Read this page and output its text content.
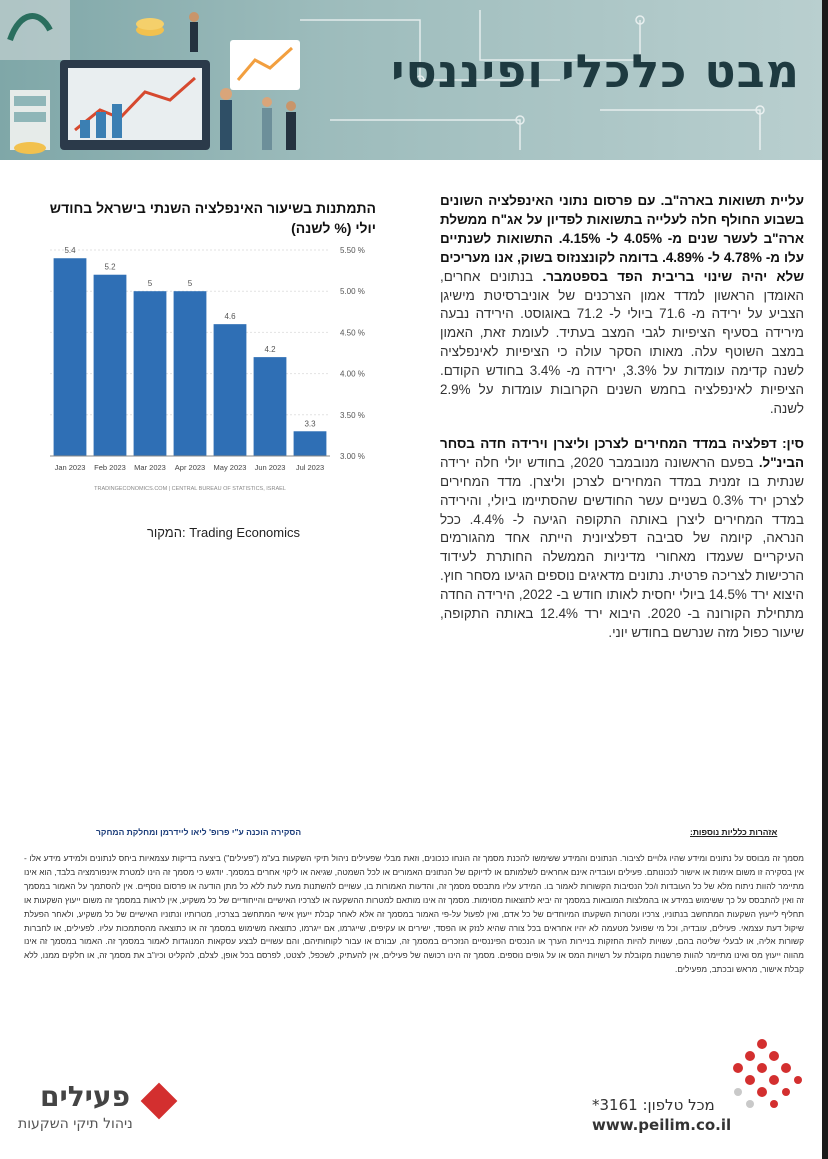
מבט כלכלי ופיננסי

עליית תשואות בארה"ב. עם פרסום נתוני האינפלציה השונים בשבוע החולף חלה לעלייה בתשואות לפדיון על אג"ח ממשלת ארה"ב לעשר שנים מ- 4.05% ל- 4.15%. התשואות לשנתיים עלו מ- 4.78% ל- 4.89%. בדומה לקונצנזוס בשוק, אנו מעריכים שלא יהיה שינוי בריבית הפד בספטמבר. בנתונים אחרים, האומדן הראשון למדד אמון הצרכנים של אוניברסיטת מישיגן הצביע על ירידה מ- 71.6 ביולי ל- 71.2 באוגוסט. הירידה נבעה מירידה בסעיף הציפיות לגבי המצב בעתיד. לעומת זאת, האמון במצב השוטף עלה. מאותו הסקר עולה כי הציפיות לאינפלציה לשנה קדימה עומדות על 3.3%, ירידה מ- 3.4% בחודש הקודם. הציפיות לאינפלציה בחמש השנים הקרובות עומדות על 2.9% לשנה.

סין: דפלציה במדד המחירים לצרכן וליצרן וירידה חדה בסחר הבינ"ל. בפעם הראשונה מנובמבר 2020, בחודש יולי חלה ירידה שנתית בו זמנית במדד המחירים לצרכן וליצרן. מדד המחירים לצרכן ירד 0.3% בשניים עשר החודשים שהסתיימו ביולי, והירידה במדד המחירים ליצרן באותה התקופה הגיעה ל- 4.4%. ככל הנראה, קיומה של סביבה דפלציונית הייתה אחד מהגורמים העיקריים שעמדו מאחורי מדיניות הממשלה החותרת לעידוד הרכישות לצריכה פרטית. נתונים מדאיגים נוספים הגיעו מסחר חוץ. היצוא ירד 14.5% ביולי יחסית לאותו חודש ב- 2022, הירידה החדה מתחילת הקורונה ב- 2020. היבוא ירד 12.4% באותה התקופה, שיעור כפול מזה שנרשם בחודש יוני.

התמתנות בשיעור האינפלציה השנתי בישראל בחודש יולי (% לשנה)
5.50 %
5.00 %
4.50 %
4.00 %
3.50 %
3.00 %
5.4
Jan 2023
5.2
Feb 2023
5
Mar 2023
5
Apr 2023
4.6
May 2023
4.2
Jun 2023
3.3
Jul 2023
TRADINGECONOMICS.COM | CENTRAL BUREAU OF STATISTICS, ISRAEL
המקור: Trading Economics
הסקירה הוכנה ע"י פרופ' ליאו ליידרמן ומחלקת המחקר	אזהרות כלליות נוספות:
מסמך זה מבוסס על נתונים ומידע שהיו גלויים לציבור. הנתונים והמידע ששימשו להכנת מסמך זה הונחו כנכונים, וזאת מבלי שפעילים ניהול תיקי השקעות בע"מ ("פעילים") ביצעה בדיקות עצמאיות ביחס לנתונים ולמידע מידע אלו - אין בסקירה זו משום אימות או אישור לנכונותם. פעילים ועובדיה אינם אחראים לשלמותם או לדיוקם של הנתונים האמורים או לכל השמטה, שגיאה או ליקוי אחרים במסמך. יודגש כי מסמך זה הינו למטרת אינפורמציה בלבד, הוא אינו מתיימר להוות ניתוח מלא של כל העובדות ו/כל הנסיבות הקשורות לאמור בו. המידע עליו מתבסס מסמך זה, והדעות האמורות בו, עשויים להשתנות מעת לעת ללא כל מתן הודעה או פרסום נוסףים. אין להסתמך על האמור במסמך זה ואין להתבסס על כך ששימוש במידע או בהמלצות המובאות במסמך זה יביא לתוצאות מסוימות. מסמך זה אינו מותאם למטרות ההשקעה או לצרכיו האישיים והייחודיים של כל משקיע, אין לראות במסמך זה משום ייעוץ השקעות או תחליף לייעוץ השקעות המתחשב בנתוניו, צרכיו ומטרות השקעתו המיוחדים של כל אדם, ואין לפעול על-פי האמור במסמך זה אלא לאחר קבלת ייעוץ אישי המתחשב בצרכיו, מטרותיו ונתוניו האישיים של כל משקיע, ולאחר הפעלת שיקול דעת עצמאי. פעילים, עובדיה, וכל מי שפועל מטעמה לא יהיו אחראים בכל צורה שהיא לנזק או הפסד, ישירים או עקיפים, שייגרמו, אם ייגרמו, כתוצאה משימוש במסמך זה או כתוצאה מהסתמכות עליו. לפעילים, או לחברות קשורות אליה, או לבעלי שליטה בהם, עשויות להיות החזקות בניירות הערך או הנכסים הפיננסיים הנזכרים במסמך זה, עבורם או עבור לקוחותיהם, והם עשויים לבצע עסקאות המנוגדות לאמור במסמך זה. האמור במסמך זה אינו מהווה ייעוץ מס ואינו מתיימר להוות פרשנות מקובלת על רשויות המס או על גופים נוספים. מסמך זה הינו רכושה של פעילים, אין להעתיק, לשכפל, לצטט, לפרסם בכל אופן, לצלם, להקליט וכיו"ב את מסמך זה, או חלקים ממנו, ללא קבלת אישור, מראש ובכתב, מפעילים.
פעילים
ניהול תיקי השקעות
מכל טלפון: 3161*
www.peilim.co.il
